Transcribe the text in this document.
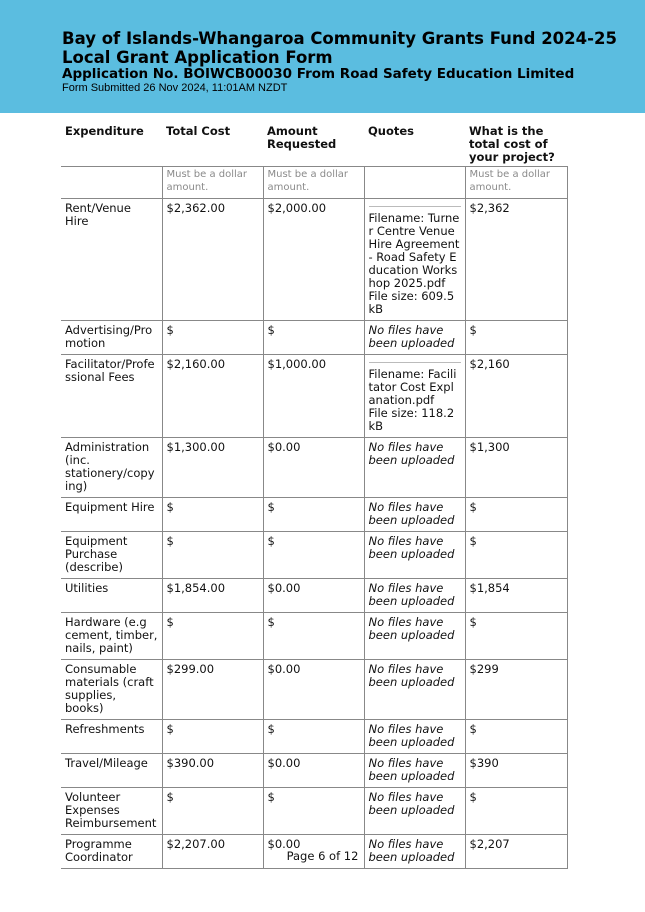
Bay of Islands-Whangaroa Community Grants Fund 2024-25 Local Grant Application Form
Application No. BOIWCB00030 From Road Safety Education Limited
Form Submitted 26 Nov 2024, 11:01AM NZDT
Expenditure	Total Cost	Amount Requested	Quotes	What is the total cost of your project?
	Must be a dollar amount.	Must be a dollar amount.		Must be a dollar amount.
Rent/Venue Hire	$2,362.00	$2,000.00	Filename: Turner Centre Venue Hire Agreement - Road Safety Education Workshop 2025.pdf
File size: 609.5 kB	$2,362
Advertising/Promotion	$	$	No files have been uploaded	$
Facilitator/Professional Fees	$2,160.00	$1,000.00	Filename: Facilitator Cost Explanation.pdf
File size: 118.2 kB	$2,160
Administration (inc. stationery/copying)	$1,300.00	$0.00	No files have been uploaded	$1,300
Equipment Hire	$	$	No files have been uploaded	$
Equipment Purchase (describe)	$	$	No files have been uploaded	$
Utilities	$1,854.00	$0.00	No files have been uploaded	$1,854
Hardware (e.g cement, timber, nails, paint)	$	$	No files have been uploaded	$
Consumable materials (craft supplies, books)	$299.00	$0.00	No files have been uploaded	$299
Refreshments	$	$	No files have been uploaded	$
Travel/Mileage	$390.00	$0.00	No files have been uploaded	$390
Volunteer Expenses Reimbursement	$	$	No files have been uploaded	$
Programme Coordinator	$2,207.00	$0.00	No files have been uploaded	$2,207
Page 6 of 12
